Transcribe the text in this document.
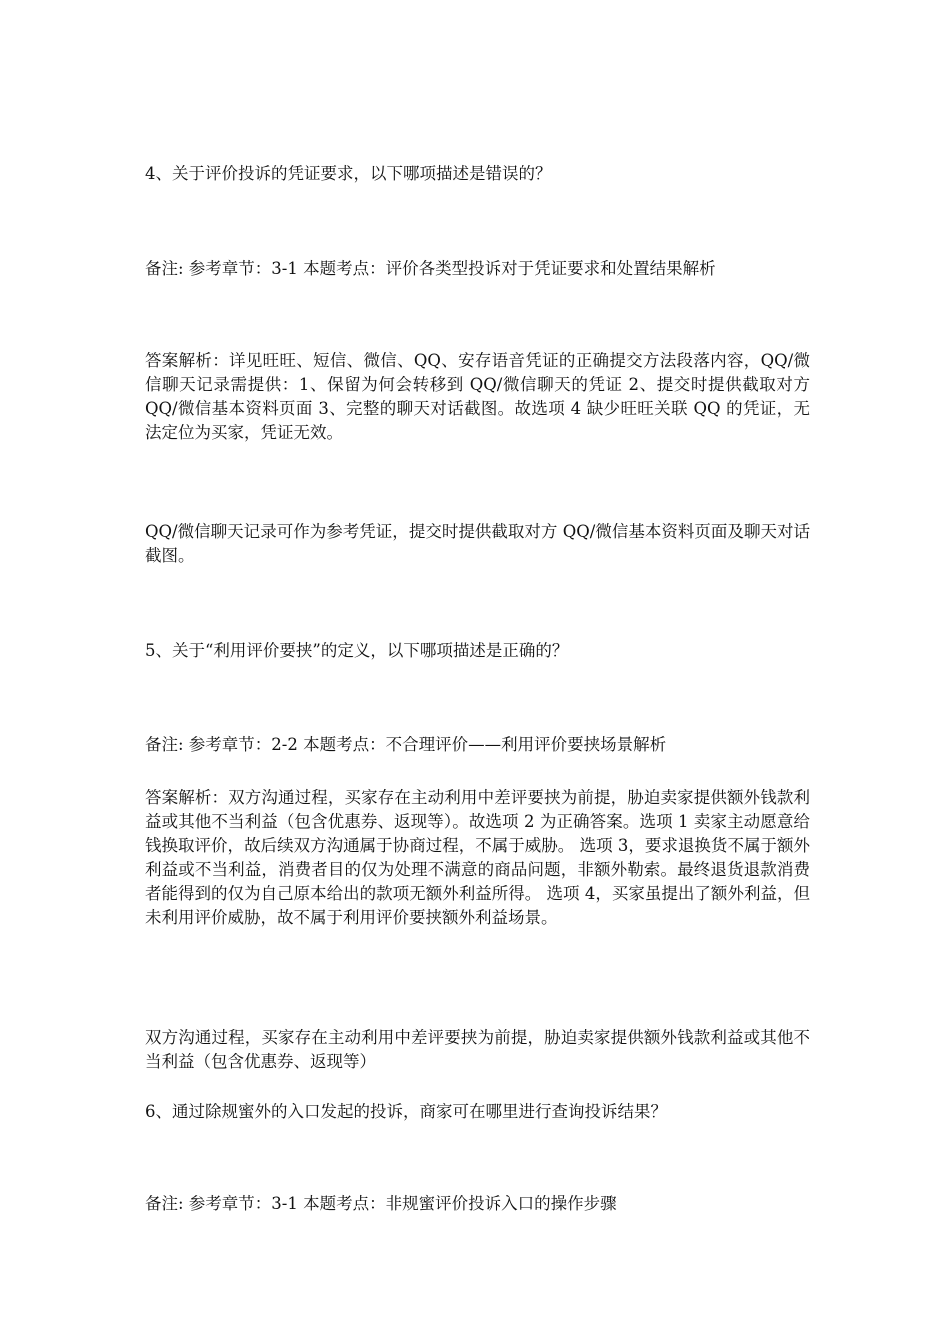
4、关于评价投诉的凭证要求，以下哪项描述是错误的？

备注: 参考章节：3-1 本题考点：评价各类型投诉对于凭证要求和处置结果解析

答案解析：详见旺旺、短信、微信、QQ、安存语音凭证的正确提交方法段落内容，QQ/微信聊天记录需提供：1、保留为何会转移到 QQ/微信聊天的凭证 2、提交时提供截取对方 QQ/微信基本资料页面 3、完整的聊天对话截图。故选项 4 缺少旺旺关联 QQ 的凭证，无法定位为买家，凭证无效。

QQ/微信聊天记录可作为参考凭证，提交时提供截取对方 QQ/微信基本资料页面及聊天对话截图。

5、关于“利用评价要挟”的定义，以下哪项描述是正确的？

备注: 参考章节：2-2 本题考点：不合理评价——利用评价要挟场景解析

答案解析：双方沟通过程，买家存在主动利用中差评要挟为前提，胁迫卖家提供额外钱款利益或其他不当利益（包含优惠券、返现等）。故选项 2 为正确答案。选项 1 卖家主动愿意给钱换取评价，故后续双方沟通属于协商过程，不属于威胁。 选项 3，要求退换货不属于额外利益或不当利益，消费者目的仅为处理不满意的商品问题，非额外勒索。最终退货退款消费者能得到的仅为自己原本给出的款项无额外利益所得。 选项 4，买家虽提出了额外利益，但未利用评价威胁，故不属于利用评价要挟额外利益场景。

双方沟通过程，买家存在主动利用中差评要挟为前提，胁迫卖家提供额外钱款利益或其他不当利益（包含优惠券、返现等）

6、通过除规蜜外的入口发起的投诉，商家可在哪里进行查询投诉结果？

备注: 参考章节：3-1 本题考点：非规蜜评价投诉入口的操作步骤
